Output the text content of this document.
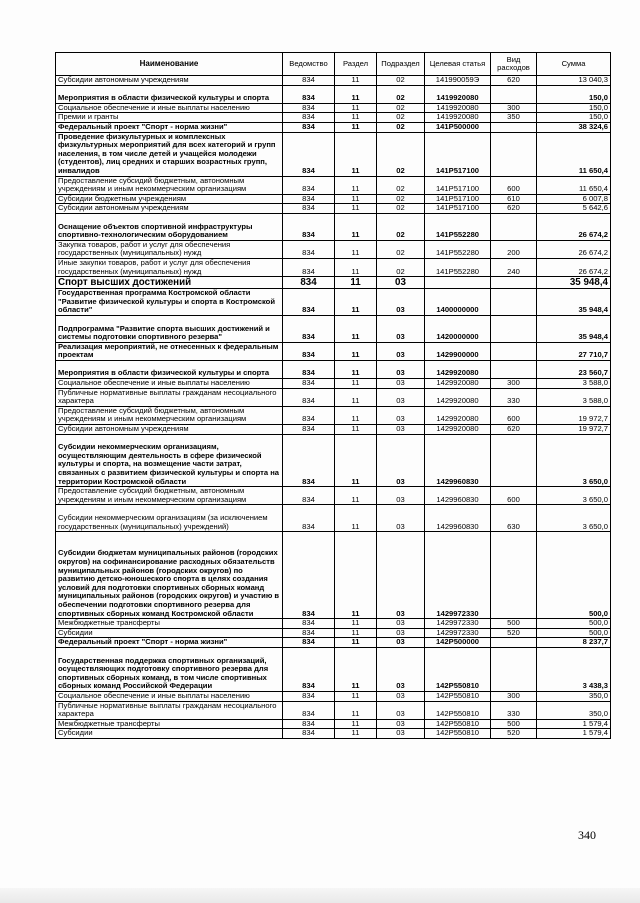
Наименование	Ведомство	Раздел	Подраздел	Целевая статья	Вид расходов	Сумма
Субсидии автономным учреждениям	834	11	02	141990059Э	620	13 040,3
Мероприятия в области физической культуры и спорта	834	11	02	1419920080		150,0
Социальное обеспечение и иные выплаты населению	834	11	02	1419920080	300	150,0
Премии и гранты	834	11	02	1419920080	350	150,0
Федеральный проект "Спорт - норма жизни"	834	11	02	141P500000		38 324,6
Проведение физкультурных и комплексных физкультурных мероприятий для всех категорий и групп населения, в том числе детей и учащейся молодежи (студентов), лиц средних и старших возрастных групп, инвалидов	834	11	02	141P517100		11 650,4
Предоставление субсидий бюджетным, автономным учреждениям и иным некоммерческим организациям	834	11	02	141P517100	600	11 650,4
Субсидии бюджетным учреждениям	834	11	02	141P517100	610	6 007,8
Субсидии автономным учреждениям	834	11	02	141P517100	620	5 642,6
Оснащение объектов спортивной инфраструктуры спортивно-технологическим оборудованием	834	11	02	141P552280		26 674,2
Закупка товаров, работ и услуг для обеспечения государственных (муниципальных) нужд	834	11	02	141P552280	200	26 674,2
Иные закупки товаров, работ и услуг для обеспечения государственных (муниципальных) нужд	834	11	02	141P552280	240	26 674,2
Спорт высших достижений	834	11	03			35 948,4
Государственная программа Костромской области "Развитие физической культуры и спорта в Костромской области"	834	11	03	1400000000		35 948,4
Подпрограмма "Развитие спорта высших достижений и системы подготовки спортивного резерва"	834	11	03	1420000000		35 948,4
Реализация мероприятий, не отнесенных к федеральным проектам	834	11	03	1429900000		27 710,7
Мероприятия в области физической культуры и спорта	834	11	03	1429920080		23 560,7
Социальное обеспечение и иные выплаты населению	834	11	03	1429920080	300	3 588,0
Публичные нормативные выплаты гражданам несоциального характера	834	11	03	1429920080	330	3 588,0
Предоставление субсидий бюджетным, автономным учреждениям и иным некоммерческим организациям	834	11	03	1429920080	600	19 972,7
Субсидии автономным учреждениям	834	11	03	1429920080	620	19 972,7
Субсидии некоммерческим организациям, осуществляющим деятельность в сфере физической культуры и спорта, на возмещение части затрат, связанных с развитием физической культуры и спорта на территории Костромской области	834	11	03	1429960830		3 650,0
Предоставление субсидий бюджетным, автономным учреждениям и иным некоммерческим организациям	834	11	03	1429960830	600	3 650,0
Субсидии некоммерческим организациям (за исключением государственных (муниципальных) учреждений)	834	11	03	1429960830	630	3 650,0
Субсидии бюджетам муниципальных районов (городских округов) на софинансирование расходных обязательств муниципальных районов (городских округов) по развитию детско-юношеского спорта в целях создания условий для подготовки спортивных сборных команд муниципальных районов (городских округов) и участию в обеспечении подготовки спортивного резерва для спортивных сборных команд Костромской области	834	11	03	1429972330		500,0
Межбюджетные трансферты	834	11	03	1429972330	500	500,0
Субсидии	834	11	03	1429972330	520	500,0
Федеральный проект "Спорт - норма жизни"	834	11	03	142P500000		8 237,7
Государственная поддержка спортивных организаций, осуществляющих подготовку спортивного резерва для спортивных сборных команд, в том числе спортивных сборных команд Российской Федерации	834	11	03	142P550810		3 438,3
Социальное обеспечение и иные выплаты населению	834	11	03	142P550810	300	350,0
Публичные нормативные выплаты гражданам несоциального характера	834	11	03	142P550810	330	350,0
Межбюджетные трансферты	834	11	03	142P550810	500	1 579,4
Субсидии	834	11	03	142P550810	520	1 579,4
340
